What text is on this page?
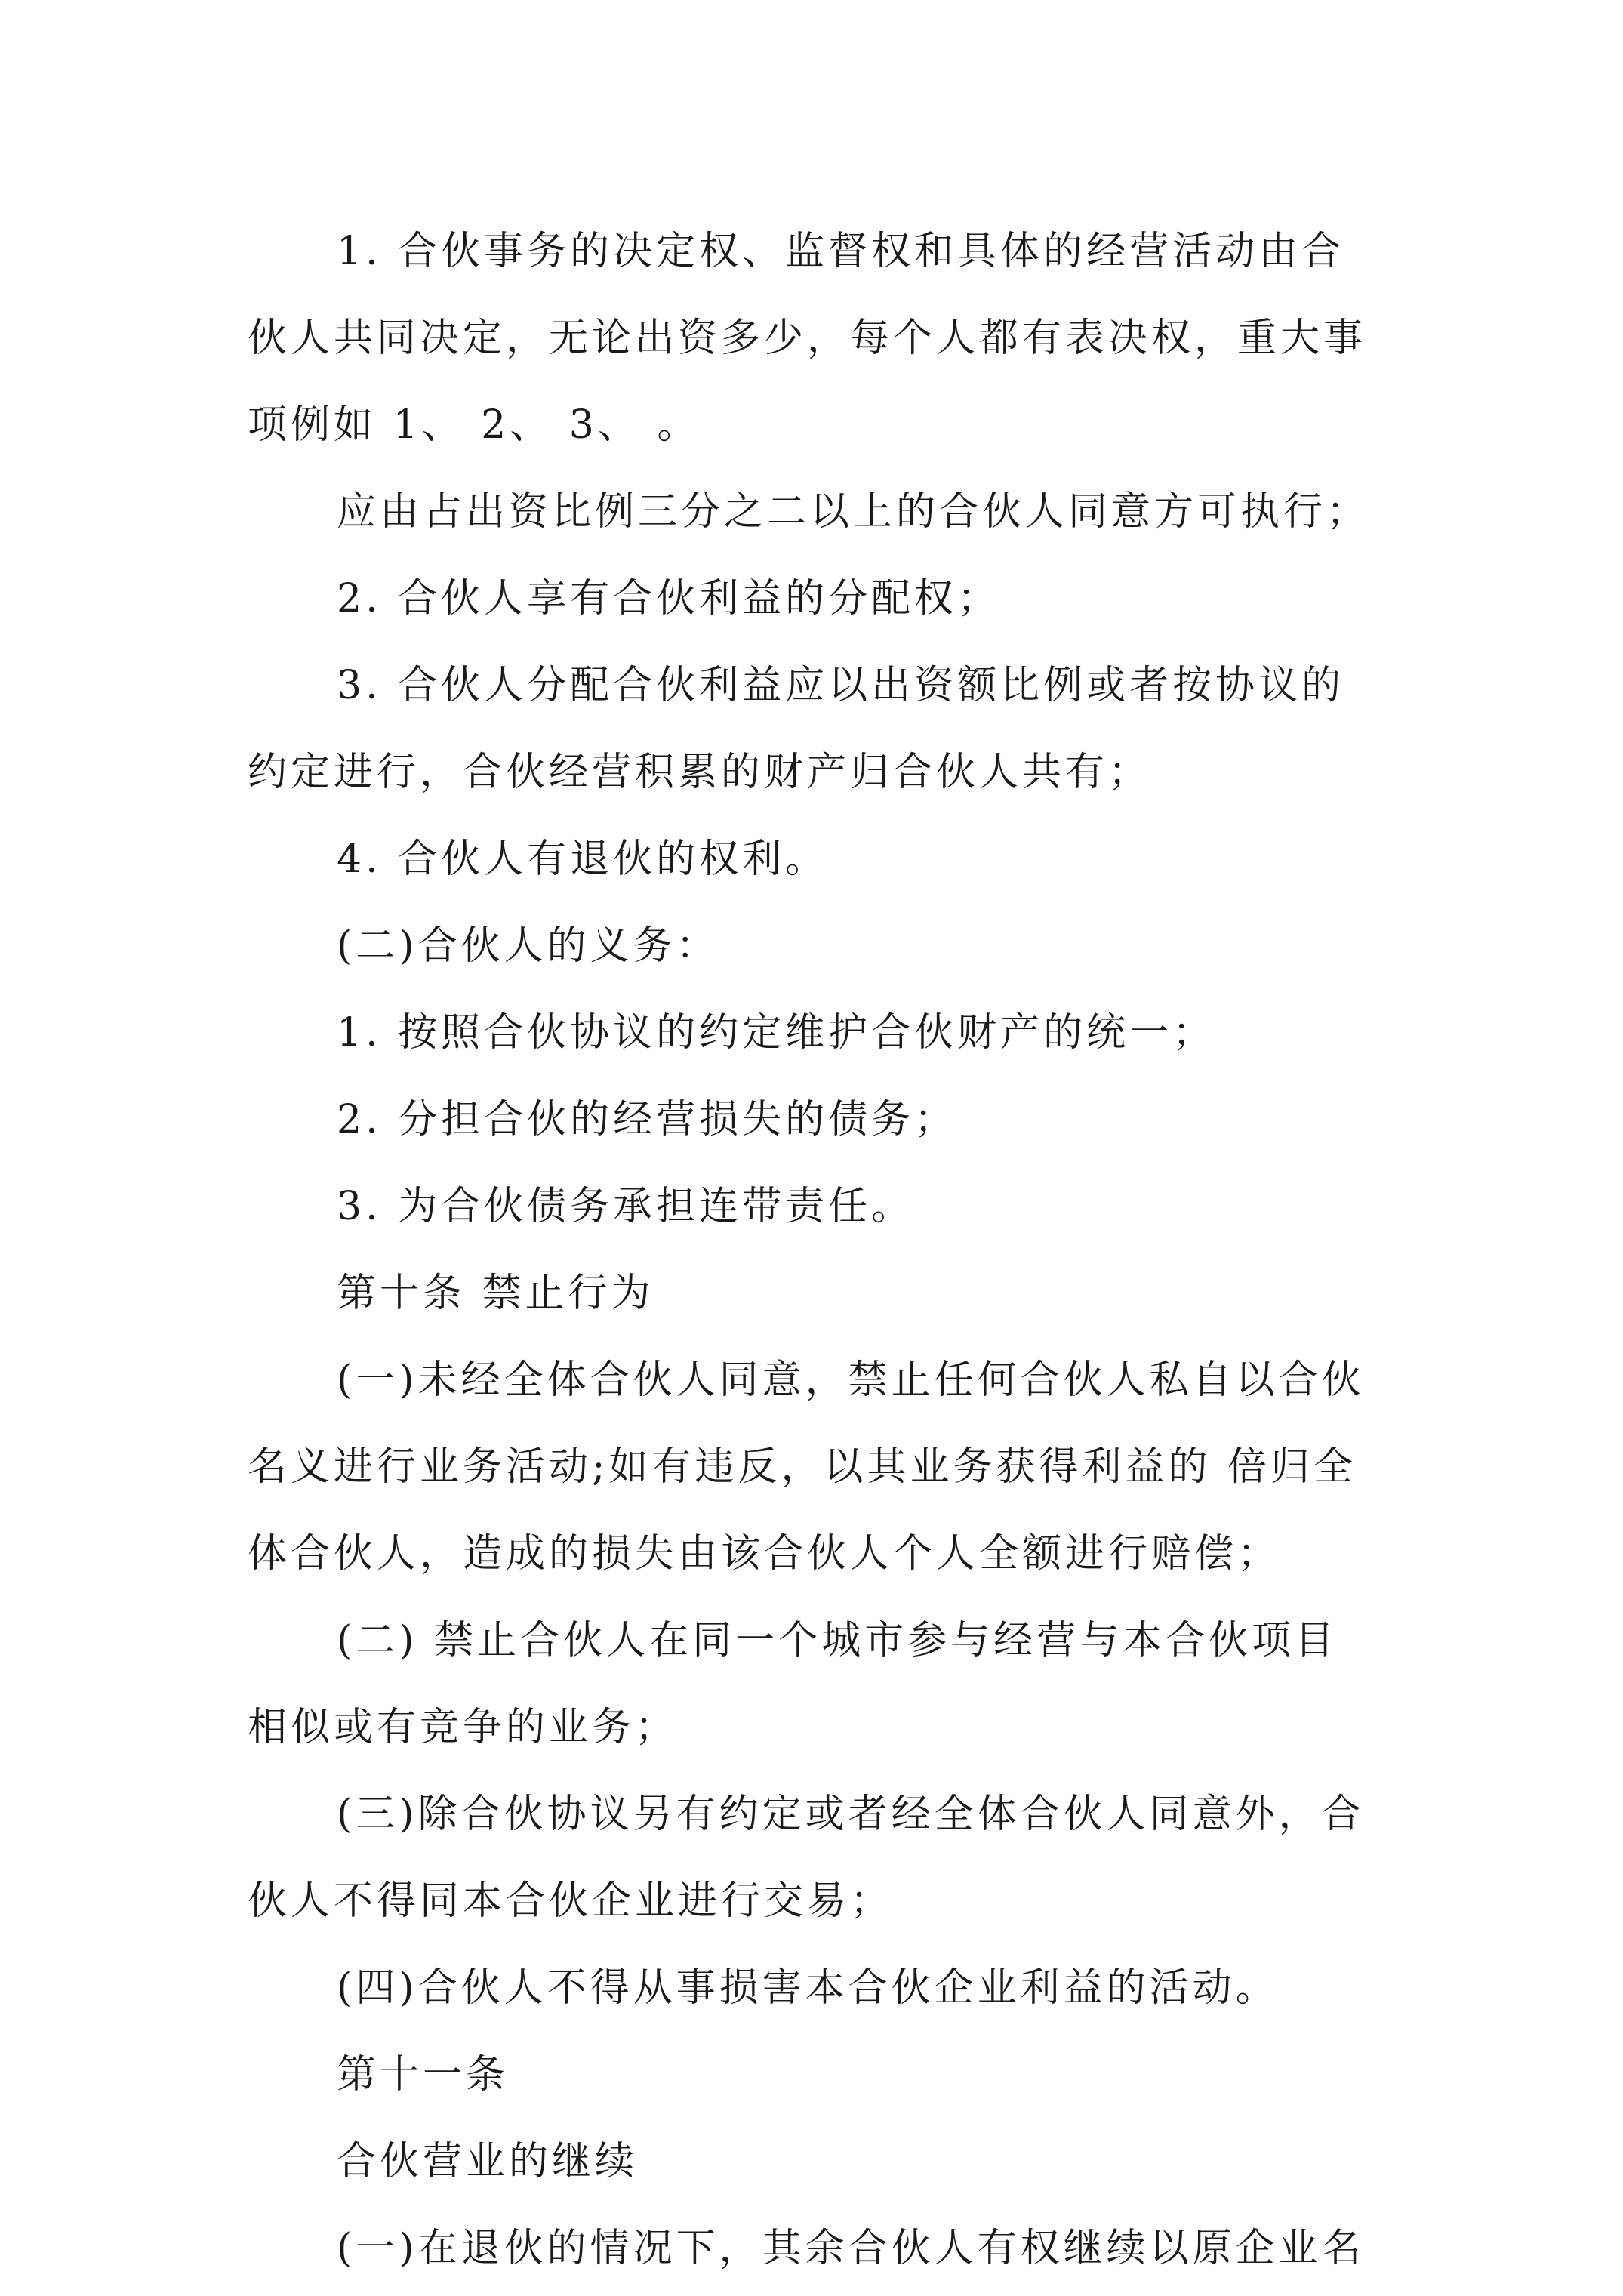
1. 合伙事务的决定权、监督权和具体的经营活动由合伙人共同决定，无论出资多少，每个人都有表决权，重大事项例如 1、 2、 3、 。

应由占出资比例三分之二以上的合伙人同意方可执行；

2. 合伙人享有合伙利益的分配权；

3. 合伙人分配合伙利益应以出资额比例或者按协议的约定进行，合伙经营积累的财产归合伙人共有；

4. 合伙人有退伙的权利。

(二)合伙人的义务：

1. 按照合伙协议的约定维护合伙财产的统一；

2. 分担合伙的经营损失的债务；

3. 为合伙债务承担连带责任。

第十条 禁止行为

(一)未经全体合伙人同意，禁止任何合伙人私自以合伙名义进行业务活动;如有违反，以其业务获得利益的 倍归全体合伙人，造成的损失由该合伙人个人全额进行赔偿；

(二) 禁止合伙人在同一个城市参与经营与本合伙项目相似或有竞争的业务；

(三)除合伙协议另有约定或者经全体合伙人同意外，合伙人不得同本合伙企业进行交易；

(四)合伙人不得从事损害本合伙企业利益的活动。

第十一条

合伙营业的继续

(一)在退伙的情况下，其余合伙人有权继续以原企业名
